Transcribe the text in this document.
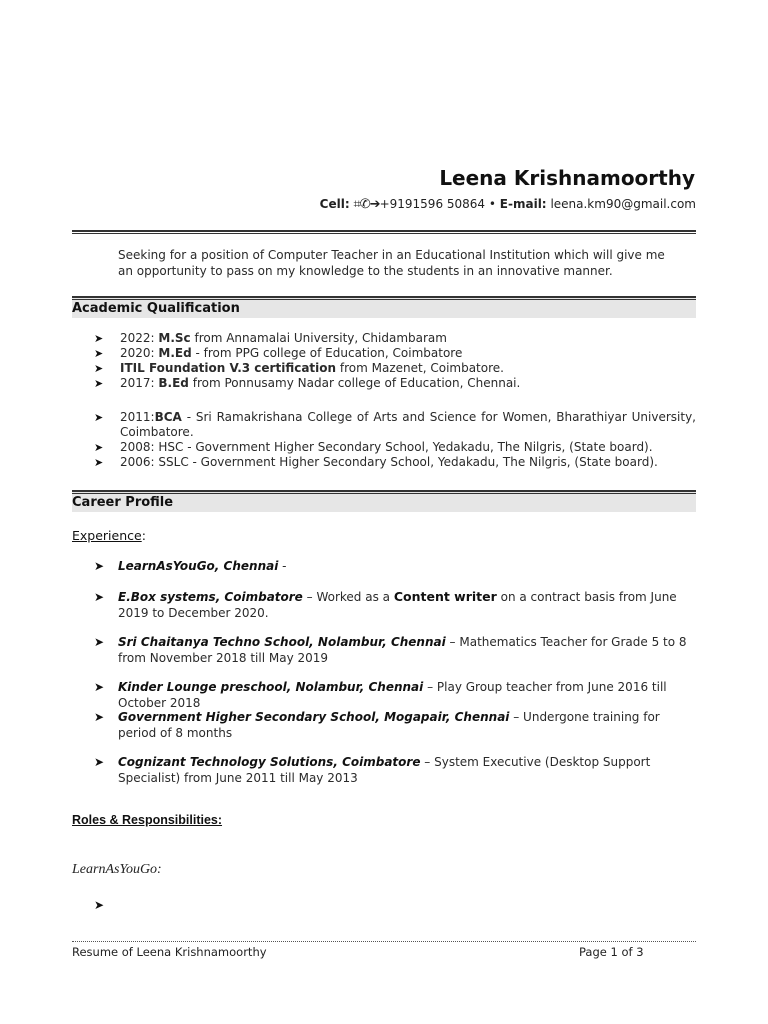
Leena Krishnamoorthy
Cell: ⌗✆➔+9191596 50864 • E-mail: leena.km90@gmail.com
Seeking for a position of Computer Teacher in an Educational Institution which will give me an opportunity to pass on my knowledge to the students in an innovative manner.
Academic Qualification
➤ 2022: M.Sc from Annamalai University, Chidambaram
➤ 2020: M.Ed - from PPG college of Education, Coimbatore
➤ ITIL Foundation V.3 certification from Mazenet, Coimbatore.
➤ 2017: B.Ed from Ponnusamy Nadar college of Education, Chennai.
➤ 2011:BCA - Sri Ramakrishana College of Arts and Science for Women, Bharathiyar University, Coimbatore.
➤ 2008: HSC - Government Higher Secondary School, Yedakadu, The Nilgris, (State board).
➤ 2006: SSLC - Government Higher Secondary School, Yedakadu, The Nilgris, (State board).
Career Profile
Experience:
➤ LearnAsYouGo, Chennai -
➤ E.Box systems, Coimbatore – Worked as a Content writer on a contract basis from June 2019 to December 2020.
➤ Sri Chaitanya Techno School, Nolambur, Chennai – Mathematics Teacher for Grade 5 to 8 from November 2018 till May 2019
➤ Kinder Lounge preschool, Nolambur, Chennai – Play Group teacher from June 2016 till October 2018
➤ Government Higher Secondary School, Mogapair, Chennai – Undergone training for period of 8 months
➤ Cognizant Technology Solutions, Coimbatore – System Executive (Desktop Support Specialist) from June 2011 till May 2013
Roles & Responsibilities:
LearnAsYouGo:
➤
Resume of Leena Krishnamoorthy	Page 1 of 3
